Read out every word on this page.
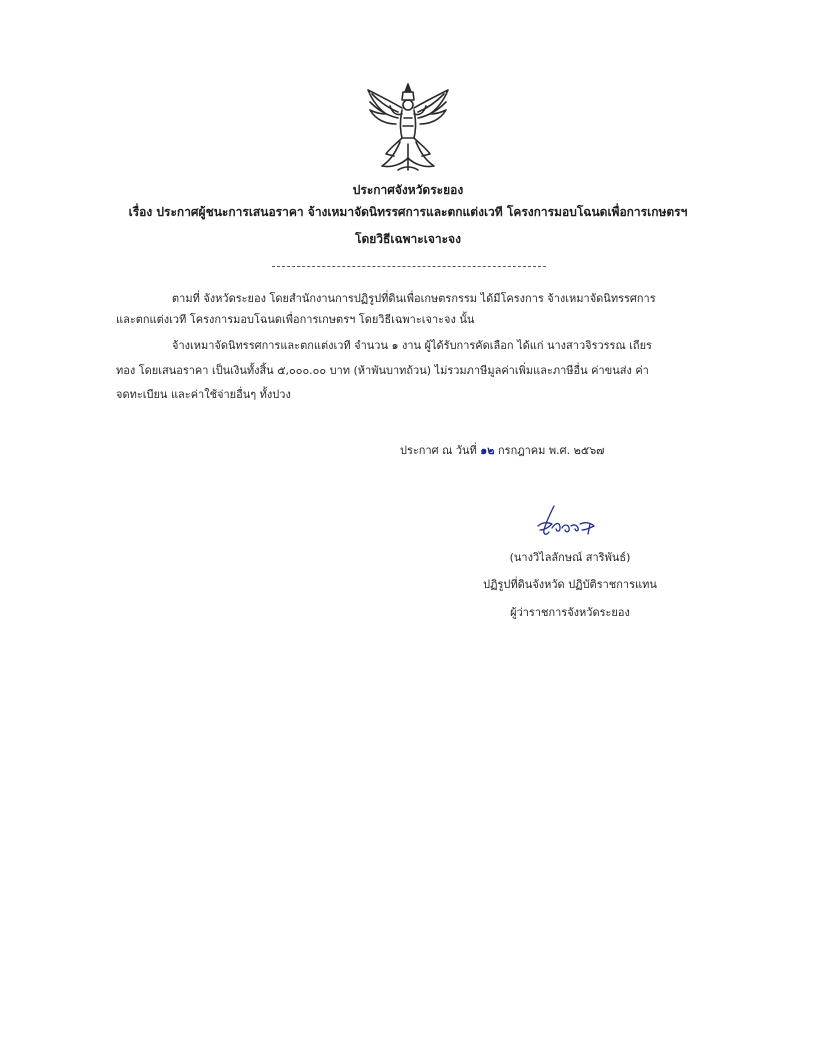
ประกาศจังหวัดระยอง
เรื่อง ประกาศผู้ชนะการเสนอราคา จ้างเหมาจัดนิทรรศการและตกแต่งเวที โครงการมอบโฉนดเพื่อการเกษตรฯ
โดยวิธีเฉพาะเจาะจง
ตามที่ จังหวัดระยอง โดยสำนักงานการปฏิรูปที่ดินเพื่อเกษตรกรรม ได้มีโครงการ จ้างเหมาจัดนิทรรศการ
และตกแต่งเวที โครงการมอบโฉนดเพื่อการเกษตรฯ โดยวิธีเฉพาะเจาะจง นั้น
จ้างเหมาจัดนิทรรศการและตกแต่งเวที จำนวน ๑ งาน ผู้ได้รับการคัดเลือก ได้แก่ นางสาวจิรวรรณ เถียร
ทอง โดยเสนอราคา เป็นเงินทั้งสิ้น ๕,๐๐๐.๐๐ บาท (ห้าพันบาทถ้วน) ไม่รวมภาษีมูลค่าเพิ่มและภาษีอื่น ค่าขนส่ง ค่า
จดทะเบียน และค่าใช้จ่ายอื่นๆ ทั้งปวง
ประกาศ ณ วันที่ ๑๒ กรกฎาคม พ.ศ. ๒๕๖๗
(นางวิไลลักษณ์ สาริพันธ์)
ปฏิรูปที่ดินจังหวัด ปฏิบัติราชการแทน
ผู้ว่าราชการจังหวัดระยอง
